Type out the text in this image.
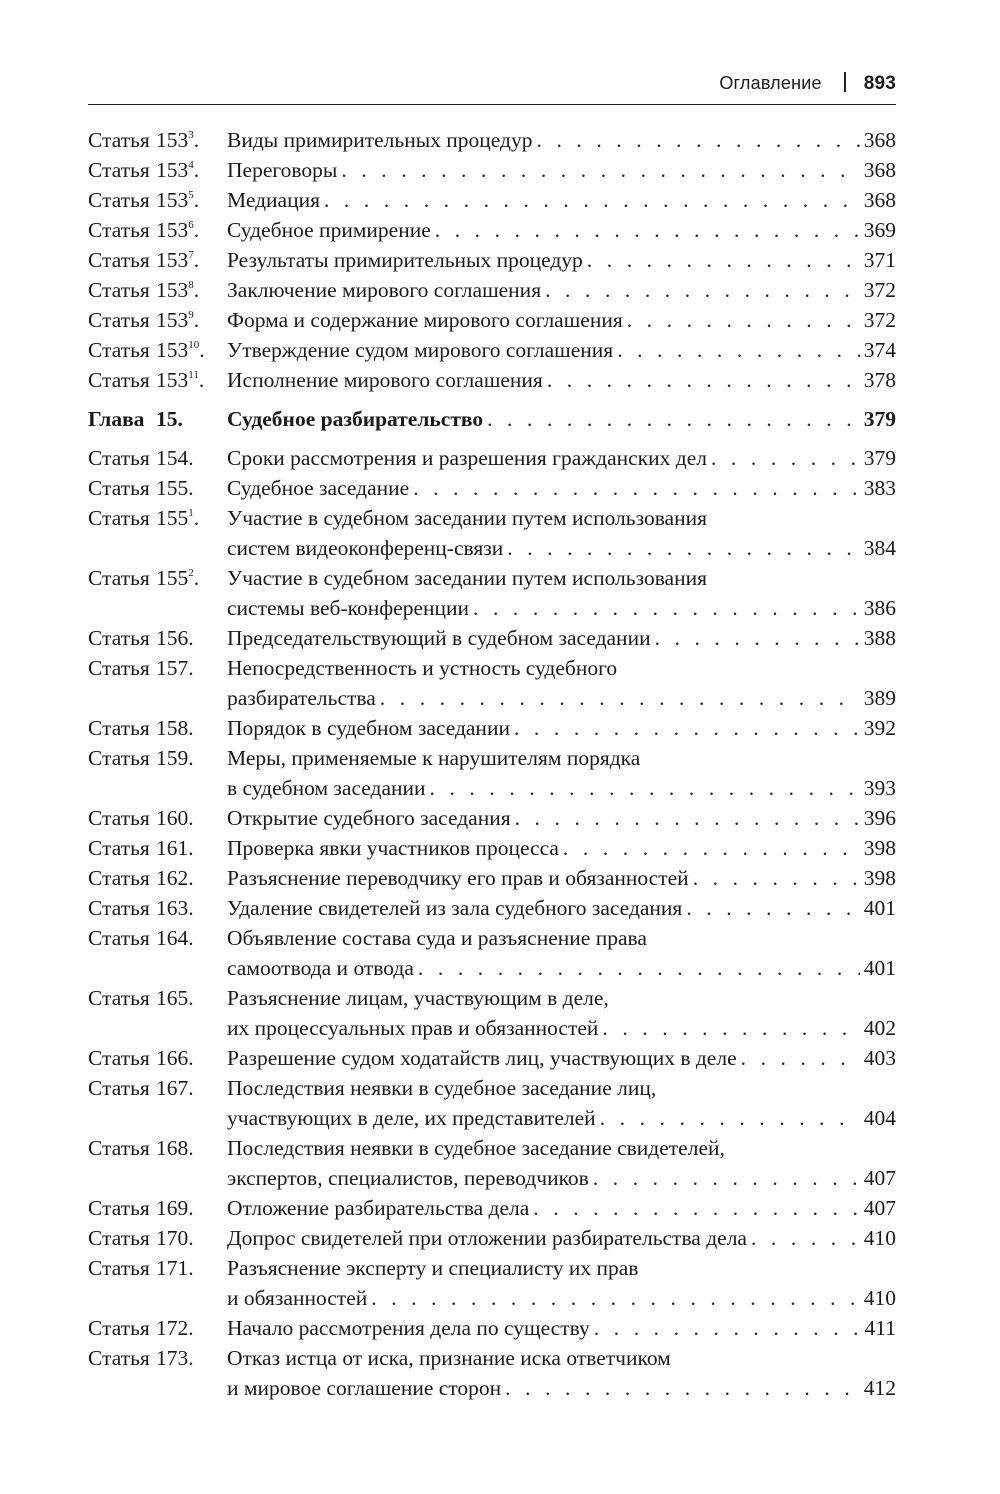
Оглавление 893
Статья $153^3$. Виды примирительных процедур . . .	368
Статья $153^4$. Переговоры . . .	368
Статья $153^5$. Медиация . . .	368
Статья $153^6$. Судебное примирение . . .	369
Статья $153^7$. Результаты примирительных процедур . . .	371
Статья $153^8$. Заключение мирового соглашения . . .	372
Статья $153^9$. Форма и содержание мирового соглашения . . .	372
Статья $153^{10}$. Утверждение судом мирового соглашения . . .	374
Статья $153^{11}$. Исполнение мирового соглашения . . .	378
Глава 15. Судебное разбирательство . . .	379
Статья 154. Сроки рассмотрения и разрешения гражданских дел . . .	379
Статья 155. Судебное заседание . . .	383
Статья $155^1$. Участие в судебном заседании путем использования
систем видеоконференц-связи . . .	384
Статья $155^2$. Участие в судебном заседании путем использования
системы веб-конференции . . .	386
Статья 156. Председательствующий в судебном заседании . . .	388
Статья 157. Непосредственность и устность судебного
разбирательства . . .	389
Статья 158. Порядок в судебном заседании . . .	392
Статья 159. Меры, применяемые к нарушителям порядка
в судебном заседании . . .	393
Статья 160. Открытие судебного заседания . . .	396
Статья 161. Проверка явки участников процесса . . .	398
Статья 162. Разъяснение переводчику его прав и обязанностей . . .	398
Статья 163. Удаление свидетелей из зала судебного заседания . . .	401
Статья 164. Объявление состава суда и разъяснение права
самоотвода и отвода . . .	401
Статья 165. Разъяснение лицам, участвующим в деле,
их процессуальных прав и обязанностей . . .	402
Статья 166. Разрешение судом ходатайств лиц, участвующих в деле . . .	403
Статья 167. Последствия неявки в судебное заседание лиц,
участвующих в деле, их представителей . . .	404
Статья 168. Последствия неявки в судебное заседание свидетелей,
экспертов, специалистов, переводчиков . . .	407
Статья 169. Отложение разбирательства дела . . .	407
Статья 170. Допрос свидетелей при отложении разбирательства дела . . .	410
Статья 171. Разъяснение эксперту и специалисту их прав
и обязанностей . . .	410
Статья 172. Начало рассмотрения дела по существу . . .	411
Статья 173. Отказ истца от иска, признание иска ответчиком
и мировое соглашение сторон . . .	412
